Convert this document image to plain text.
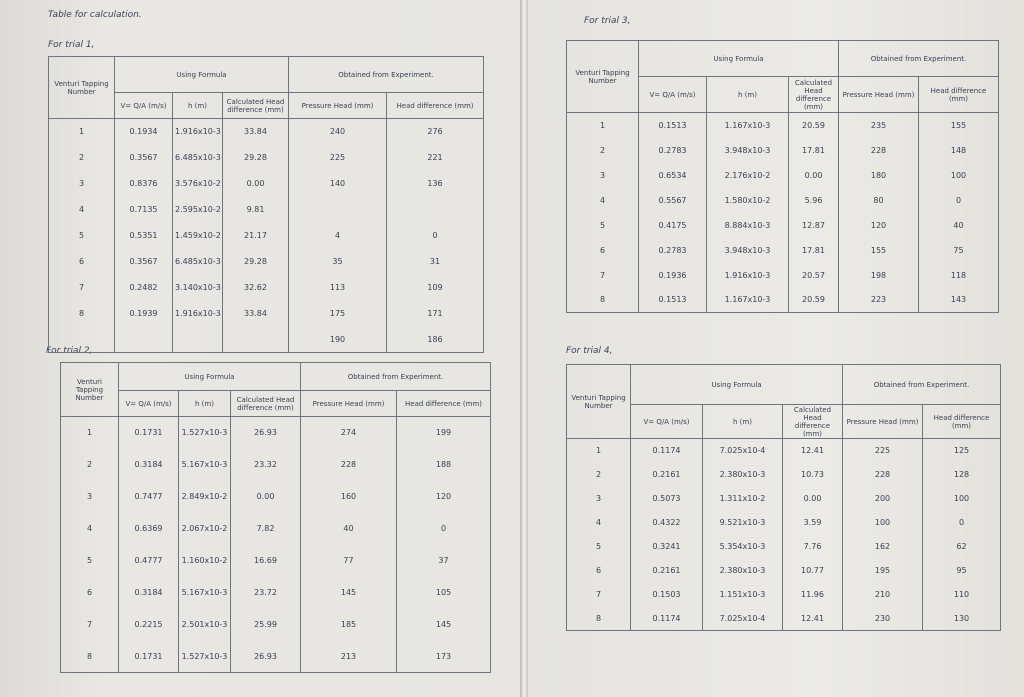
Table for calculation.
For trial 1,
For trial 2,
For trial 3,
For trial 4,
Venturi Tapping Number	Using Formula			Obtained from Experiment.	
	V= Q/A (m/s)	h (m)	Calculated Head difference (mm)	Pressure Head (mm)	Head difference (mm)
1	0.1934	1.916x10-3	33.84	240	276
2	0.3567	6.485x10-3	29.28	225	221
3	0.8376	3.576x10-2	0.00	140	136
4	0.7135	2.595x10-2	9.81		
5	0.5351	1.459x10-2	21.17	4	0
6	0.3567	6.485x10-3	29.28	35	31
7	0.2482	3.140x10-3	32.62	113	109
8	0.1939	1.916x10-3	33.84	175	171
				190	186
Venturi Tapping Number	Using Formula			Obtained from Experiment.	
	V= Q/A (m/s)	h (m)	Calculated Head difference (mm)	Pressure Head (mm)	Head difference (mm)
1	0.1731	1.527x10-3	26.93	274	199
2	0.3184	5.167x10-3	23.32	228	188
3	0.7477	2.849x10-2	0.00	160	120
4	0.6369	2.067x10-2	7.82	40	0
5	0.4777	1.160x10-2	16.69	77	37
6	0.3184	5.167x10-3	23.72	145	105
7	0.2215	2.501x10-3	25.99	185	145
8	0.1731	1.527x10-3	26.93	213	173
Venturi Tapping Number	Using Formula			Obtained from Experiment.	
	V= Q/A (m/s)	h (m)	Calculated Head difference (mm)	Pressure Head (mm)	Head difference (mm)
1	0.1513	1.167x10-3	20.59	235	155
2	0.2783	3.948x10-3	17.81	228	148
3	0.6534	2.176x10-2	0.00	180	100
4	0.5567	1.580x10-2	5.96	80	0
5	0.4175	8.884x10-3	12.87	120	40
6	0.2783	3.948x10-3	17.81	155	75
7	0.1936	1.916x10-3	20.57	198	118
8	0.1513	1.167x10-3	20.59	223	143
Venturi Tapping Number	Using Formula			Obtained from Experiment.	
	V= Q/A (m/s)	h (m)	Calculated Head difference (mm)	Pressure Head (mm)	Head difference (mm)
1	0.1174	7.025x10-4	12.41	225	125
2	0.2161	2.380x10-3	10.73	228	128
3	0.5073	1.311x10-2	0.00	200	100
4	0.4322	9.521x10-3	3.59	100	0
5	0.3241	5.354x10-3	7.76	162	62
6	0.2161	2.380x10-3	10.77	195	95
7	0.1503	1.151x10-3	11.96	210	110
8	0.1174	7.025x10-4	12.41	230	130
